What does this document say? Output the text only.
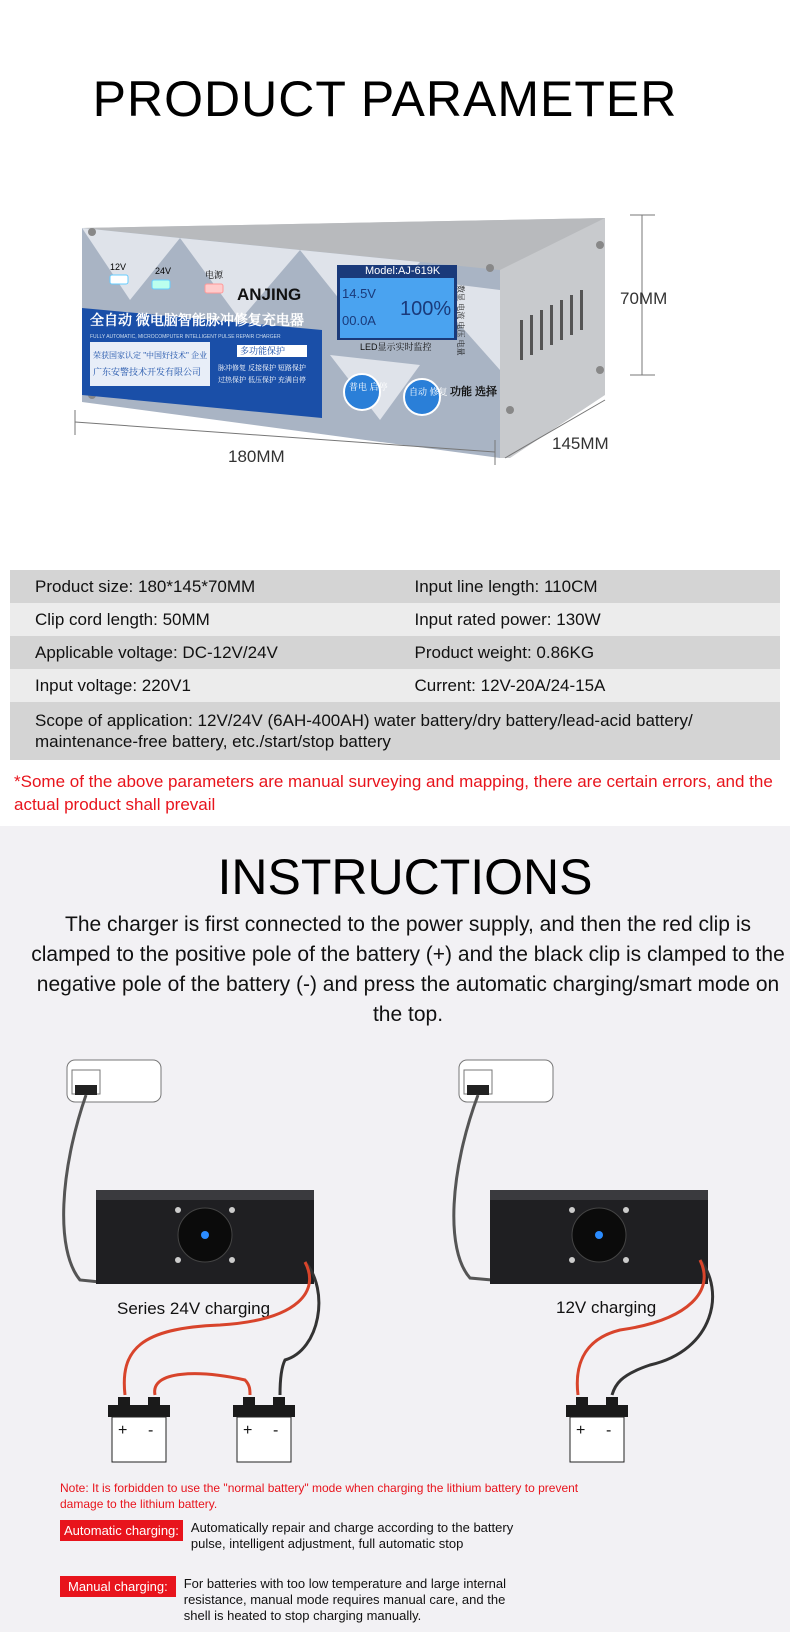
PRODUCT PARAMETER
12V	24V	电源
ANJING
Model:AJ-619K
14.5V
00.0A
100%
LED显示实时监控	数显 电流 电压 电量
全自动 微电脑智能脉冲修复充电器
FULLY AUTOMATIC, MICROCOMPUTER INTELLIGENT PULSE REPAIR CHARGER
荣获国家认定 "中国好技术" 企业
广东安警技术开发有限公司
多功能保护
脉冲修复 反接保护 短路保护
过热保护 低压保护 充满自停
普电 启停 自动 修复 功能 选择
180MM
145MM
70MM
Product size: 180*145*70MM	Input line length: 110CM
Clip cord length: 50MM	Input rated power: 130W
Applicable voltage: DC-12V/24V	Product weight: 0.86KG
Input voltage: 220V1	Current: 12V-20A/24-15A
Scope of application: 12V/24V (6AH-400AH) water battery/dry battery/lead-acid battery/ maintenance-free battery, etc./start/stop battery
*Some of the above parameters are manual surveying and mapping, there are certain errors, and the actual product shall prevail
INSTRUCTIONS
The charger is first connected to the power supply, and then the red clip is clamped to the positive pole of the battery (+) and the black clip is clamped to the negative pole of the battery (-) and press the automatic charging/smart mode on the top.
Series 24V charging
+ -	+ -
12V charging
+ -
Note: It is forbidden to use the "normal battery" mode when charging the lithium battery to prevent damage to the lithium battery.
Automatic charging: Automatically repair and charge according to the battery pulse, intelligent adjustment, full automatic stop
Manual charging:	For batteries with too low temperature and large internal resistance, manual mode requires manual care, and the shell is heated to stop charging manually.
